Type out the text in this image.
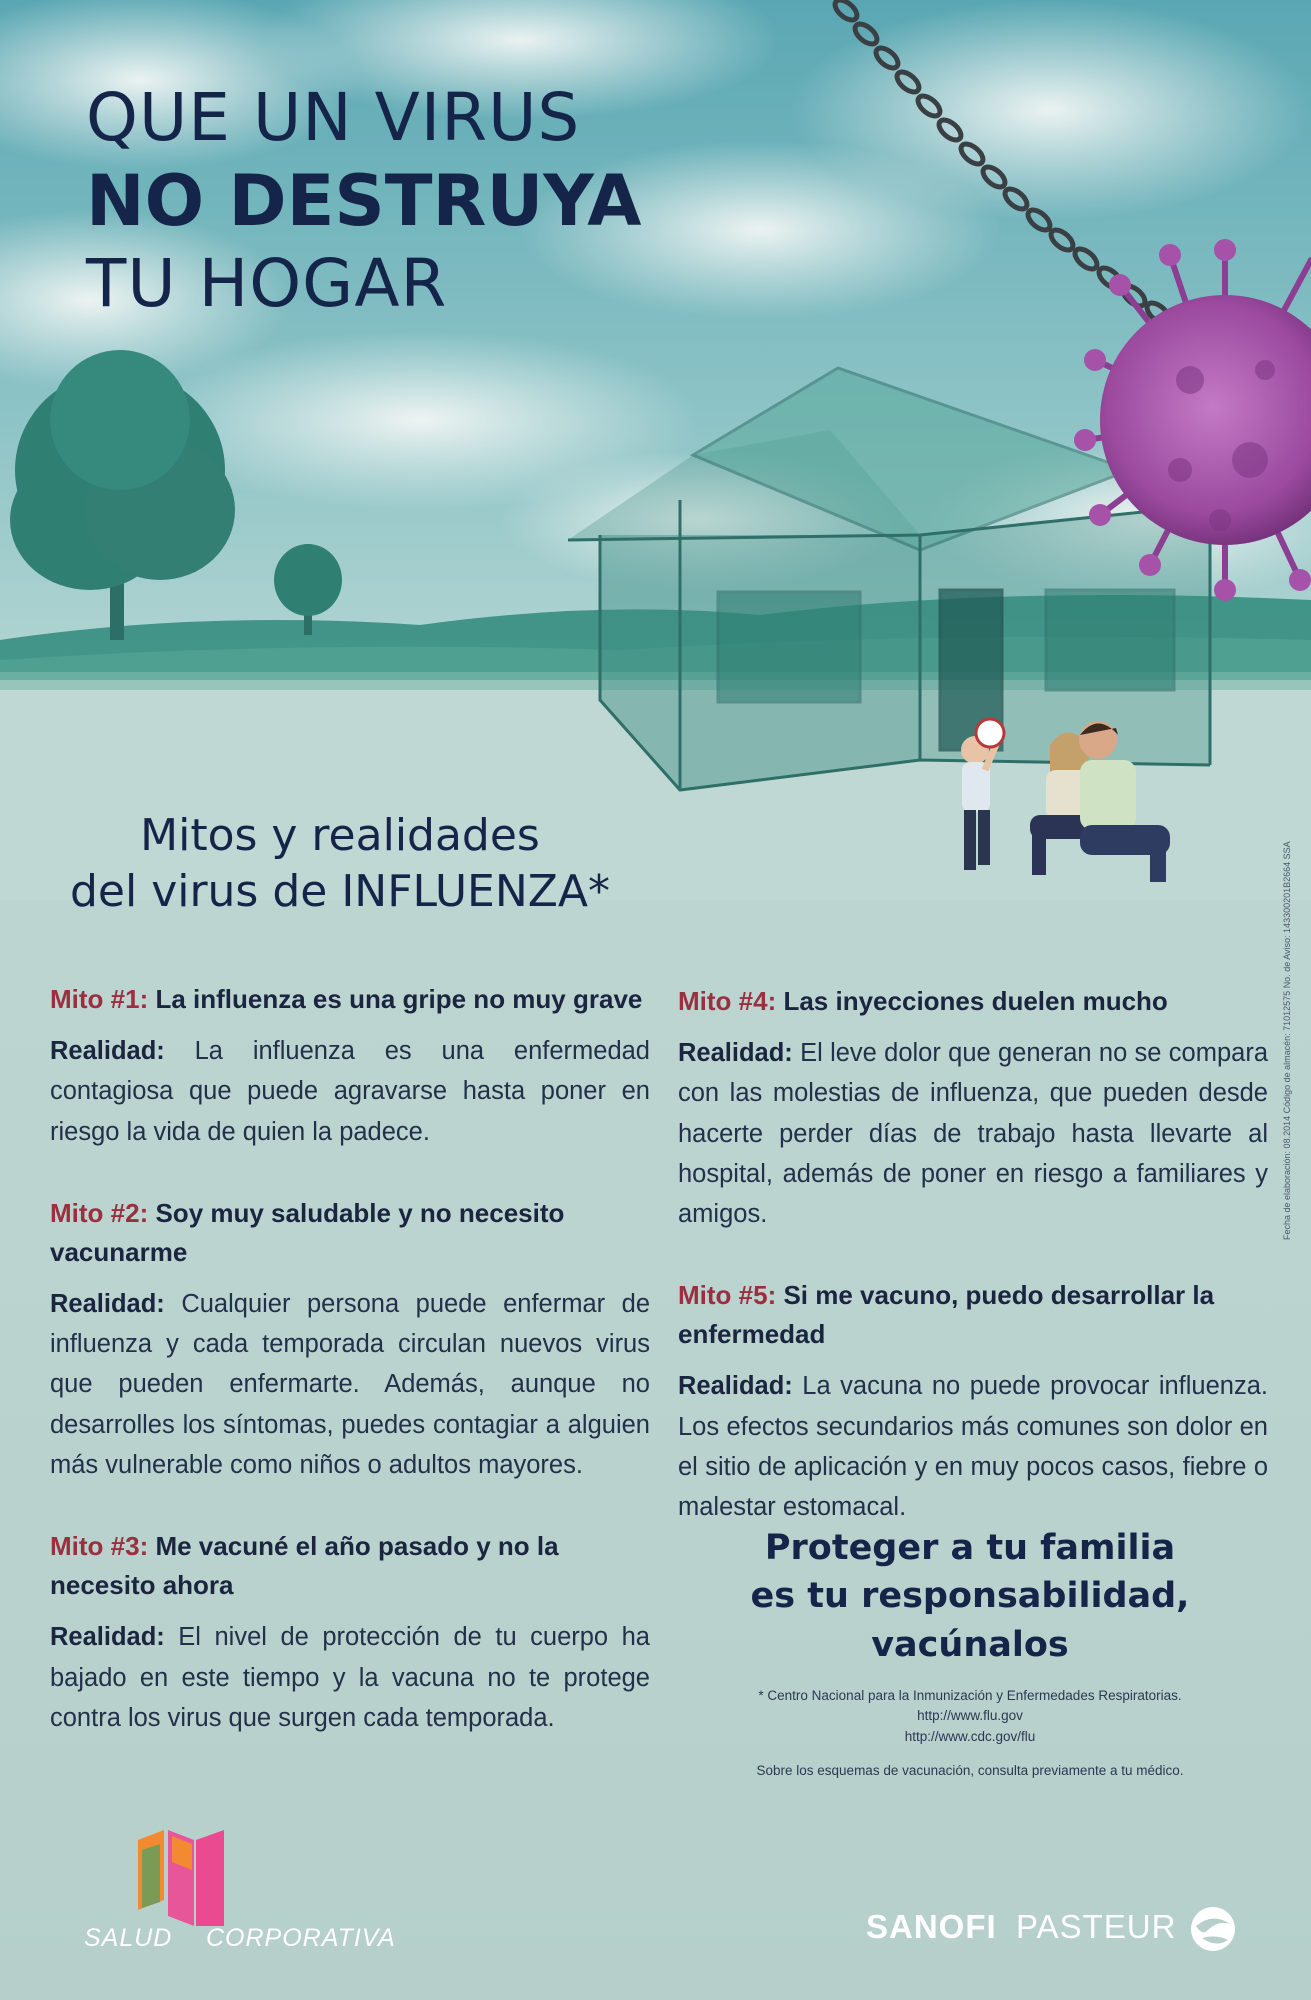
QUE UN VIRUS
NO DESTRUYA
TU HOGAR
Fecha de elaboración: 08.2014 Código de almacén: 71012575 No. de Aviso: 143300201B2664 SSA
Mitos y realidades
del virus de INFLUENZA*

Mito #1: La influenza es una gripe no muy grave

Realidad: La influenza es una enfermedad contagiosa que puede agravarse hasta poner en riesgo la vida de quien la padece.

Mito #2: Soy muy saludable y no necesito vacunarme

Realidad: Cualquier persona puede enfermar de influenza y cada temporada circulan nuevos virus que pueden enfermarte. Además, aunque no desarrolles los síntomas, puedes contagiar a alguien más vulnerable como niños o adultos mayores.

Mito #3: Me vacuné el año pasado y no la necesito ahora

Realidad: El nivel de protección de tu cuerpo ha bajado en este tiempo y la vacuna no te protege contra los virus que surgen cada temporada.

Mito #4: Las inyecciones duelen mucho

Realidad: El leve dolor que generan no se compara con las molestias de influenza, que pueden desde hacerte perder días de trabajo hasta llevarte al hospital, además de poner en riesgo a familiares y amigos.

Mito #5: Si me vacuno, puedo desarrollar la enfermedad

Realidad: La vacuna no puede provocar influenza. Los efectos secundarios más comunes son dolor en el sitio de aplicación y en muy pocos casos, fiebre o malestar estomacal.

Proteger a tu familia
es tu responsabilidad,
vacúnalos

* Centro Nacional para la Inmunización y Enfermedades Respiratorias.

http://www.flu.gov

http://www.cdc.gov/flu

Sobre los esquemas de vacunación, consulta previamente a tu médico.

SALUD CORPORATIVA	SANOFI PASTEUR
